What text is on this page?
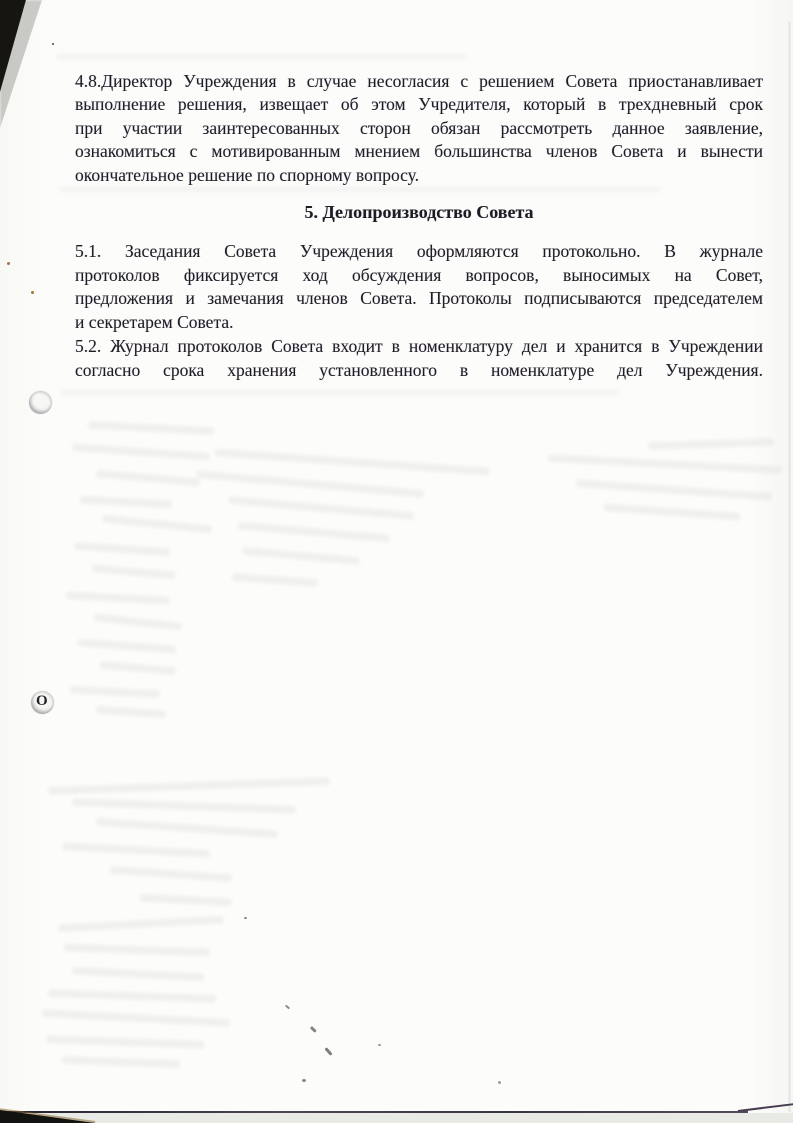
4.8.Директор Учреждения в случае несогласия с решением Совета приостанавливает
выполнение решения, извещает об этом Учредителя, который в трехдневный срок
при участии заинтересованных сторон обязан рассмотреть данное заявление,
ознакомиться с мотивированным мнением большинства членов Совета и вынести
окончательное решение по спорному вопросу.
5. Делопроизводство Совета
5.1. Заседания Совета Учреждения оформляются протокольно. В журнале
протоколов фиксируется ход обсуждения вопросов, выносимых на Совет,
предложения и замечания членов Совета. Протоколы подписываются председателем
и секретарем Совета.
5.2. Журнал протоколов Совета входит в номенклатуру дел и хранится в Учреждении
согласно срока хранения установленного в номенклатуре дел Учреждения.
О
